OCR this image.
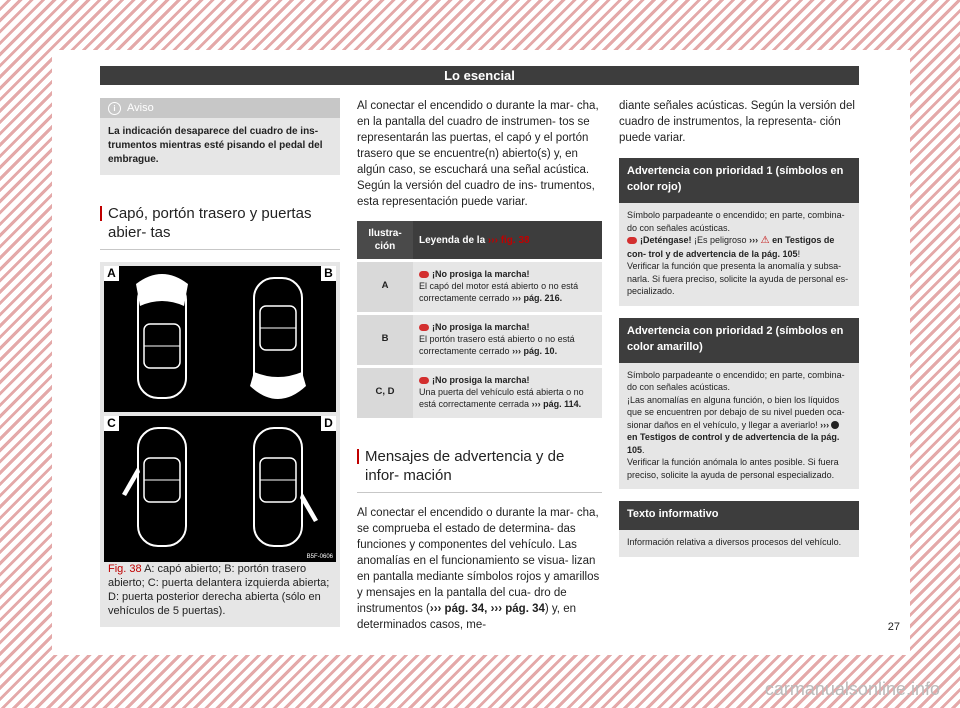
Lo esencial
i Aviso
La indicación desaparece del cuadro de ins- trumentos mientras esté pisando el pedal del embrague.
Capó, portón trasero y puertas abier- tas
A	B
C	D
B5F-0606
Fig. 38 A: capó abierto; B: portón trasero abierto; C: puerta delantera izquierda abierta; D: puerta posterior derecha abierta (sólo en vehículos de 5 puertas).

Al conectar el encendido o durante la mar- cha, en la pantalla del cuadro de instrumen- tos se representarán las puertas, el capó y el portón trasero que se encuentre(n) abierto(s) y, en algún caso, se escuchará una señal acústica. Según la versión del cuadro de ins- trumentos, esta representación puede variar.

Ilustra- ción	Leyenda de la ››› fig. 38
A	¡No prosiga la marcha!
El capó del motor está abierto o no está correctamente cerrado ››› pág. 216.
B	¡No prosiga la marcha!
El portón trasero está abierto o no está correctamente cerrado ››› pág. 10.
C, D	¡No prosiga la marcha!
Una puerta del vehículo está abierta o no está correctamente cerrada ››› pág. 114.
Mensajes de advertencia y de infor- mación

Al conectar el encendido o durante la mar- cha, se comprueba el estado de determina- das funciones y componentes del vehículo. Las anomalías en el funcionamiento se visua- lizan en pantalla mediante símbolos rojos y amarillos y mensajes en la pantalla del cua- dro de instrumentos (››› pág. 34, ››› pág. 34) y, en determinados casos, me-

diante señales acústicas. Según la versión del cuadro de instrumentos, la representa- ción puede variar.

Advertencia con prioridad 1 (símbolos en color rojo)
Símbolo parpadeante o encendido; en parte, combina- do con señales acústicas.
¡Deténgase! ¡Es peligroso ››› ⚠ en Testigos de con- trol y de advertencia de la pág. 105!
Verificar la función que presenta la anomalía y subsa- narla. Si fuera preciso, solicite la ayuda de personal es- pecializado.
Advertencia con prioridad 2 (símbolos en color amarillo)
Símbolo parpadeante o encendido; en parte, combina- do con señales acústicas.
¡Las anomalías en alguna función, o bien los líquidos que se encuentren por debajo de su nivel pueden oca- sionar daños en el vehículo, y llegar a averiarlo! ›››en Testigos de control y de advertencia de la pág. 105.
Verificar la función anómala lo antes posible. Si fuera preciso, solicite la ayuda de personal especializado.
Texto informativo
Información relativa a diversos procesos del vehículo.
27
carmanualsonline.info
